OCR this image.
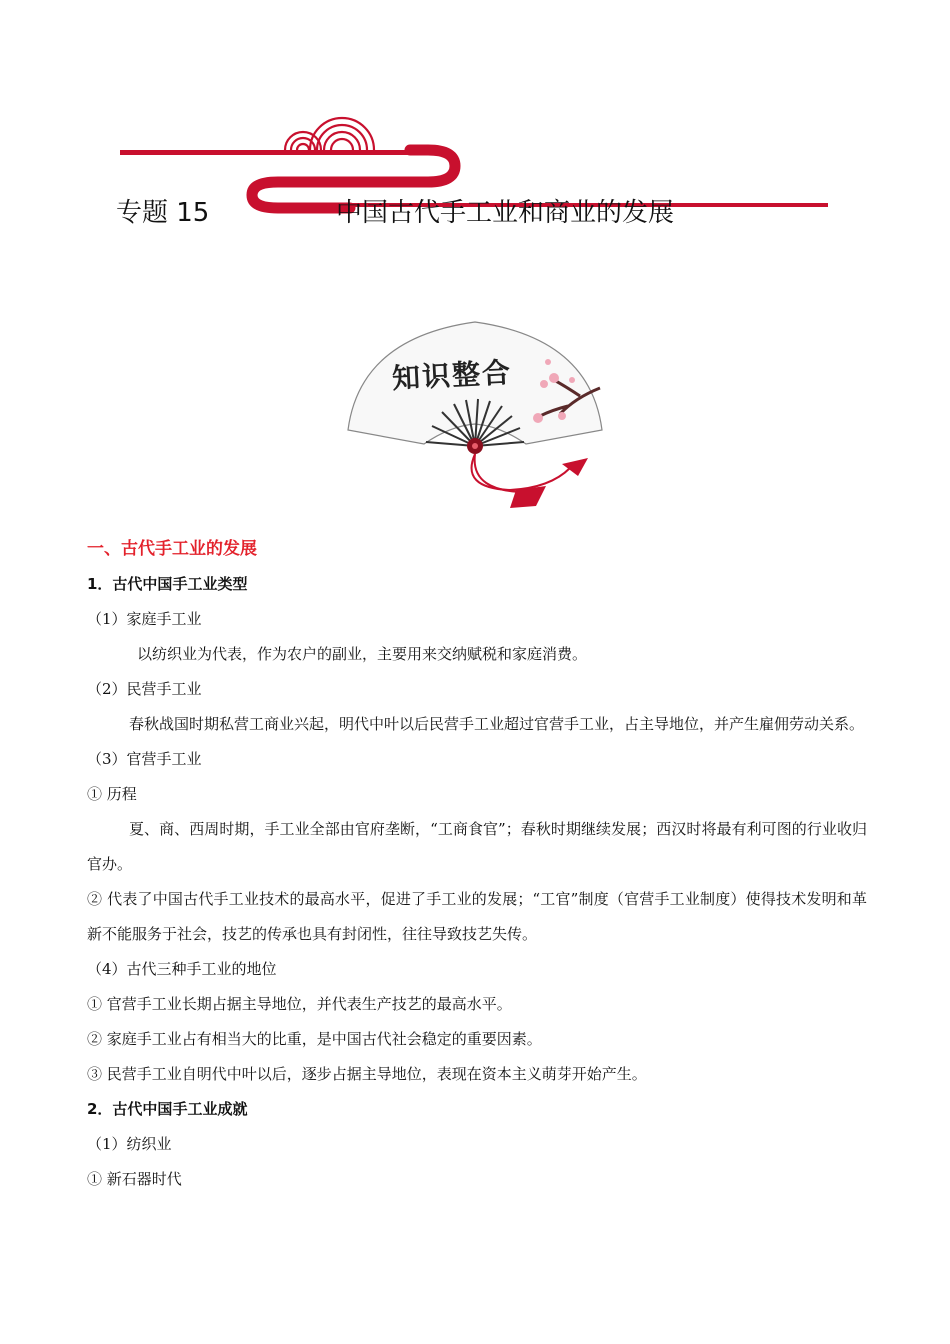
专题 15	中国古代手工业和商业的发展
知识整合
一、古代手工业的发展
1．古代中国手工业类型
（1）家庭手工业
以纺织业为代表，作为农户的副业，主要用来交纳赋税和家庭消费。
（2）民营手工业
春秋战国时期私营工商业兴起，明代中叶以后民营手工业超过官营手工业，占主导地位，并产生雇佣劳动关系。
（3）官营手工业
① 历程
夏、商、西周时期，手工业全部由官府垄断，“工商食官”；春秋时期继续发展；西汉时将最有利可图的行业收归官办。
② 代表了中国古代手工业技术的最高水平，促进了手工业的发展；“工官”制度（官营手工业制度）使得技术发明和革新不能服务于社会，技艺的传承也具有封闭性，往往导致技艺失传。
（4）古代三种手工业的地位
① 官营手工业长期占据主导地位，并代表生产技艺的最高水平。
② 家庭手工业占有相当大的比重，是中国古代社会稳定的重要因素。
③ 民营手工业自明代中叶以后，逐步占据主导地位，表现在资本主义萌芽开始产生。
2．古代中国手工业成就
（1）纺织业
① 新石器时代
